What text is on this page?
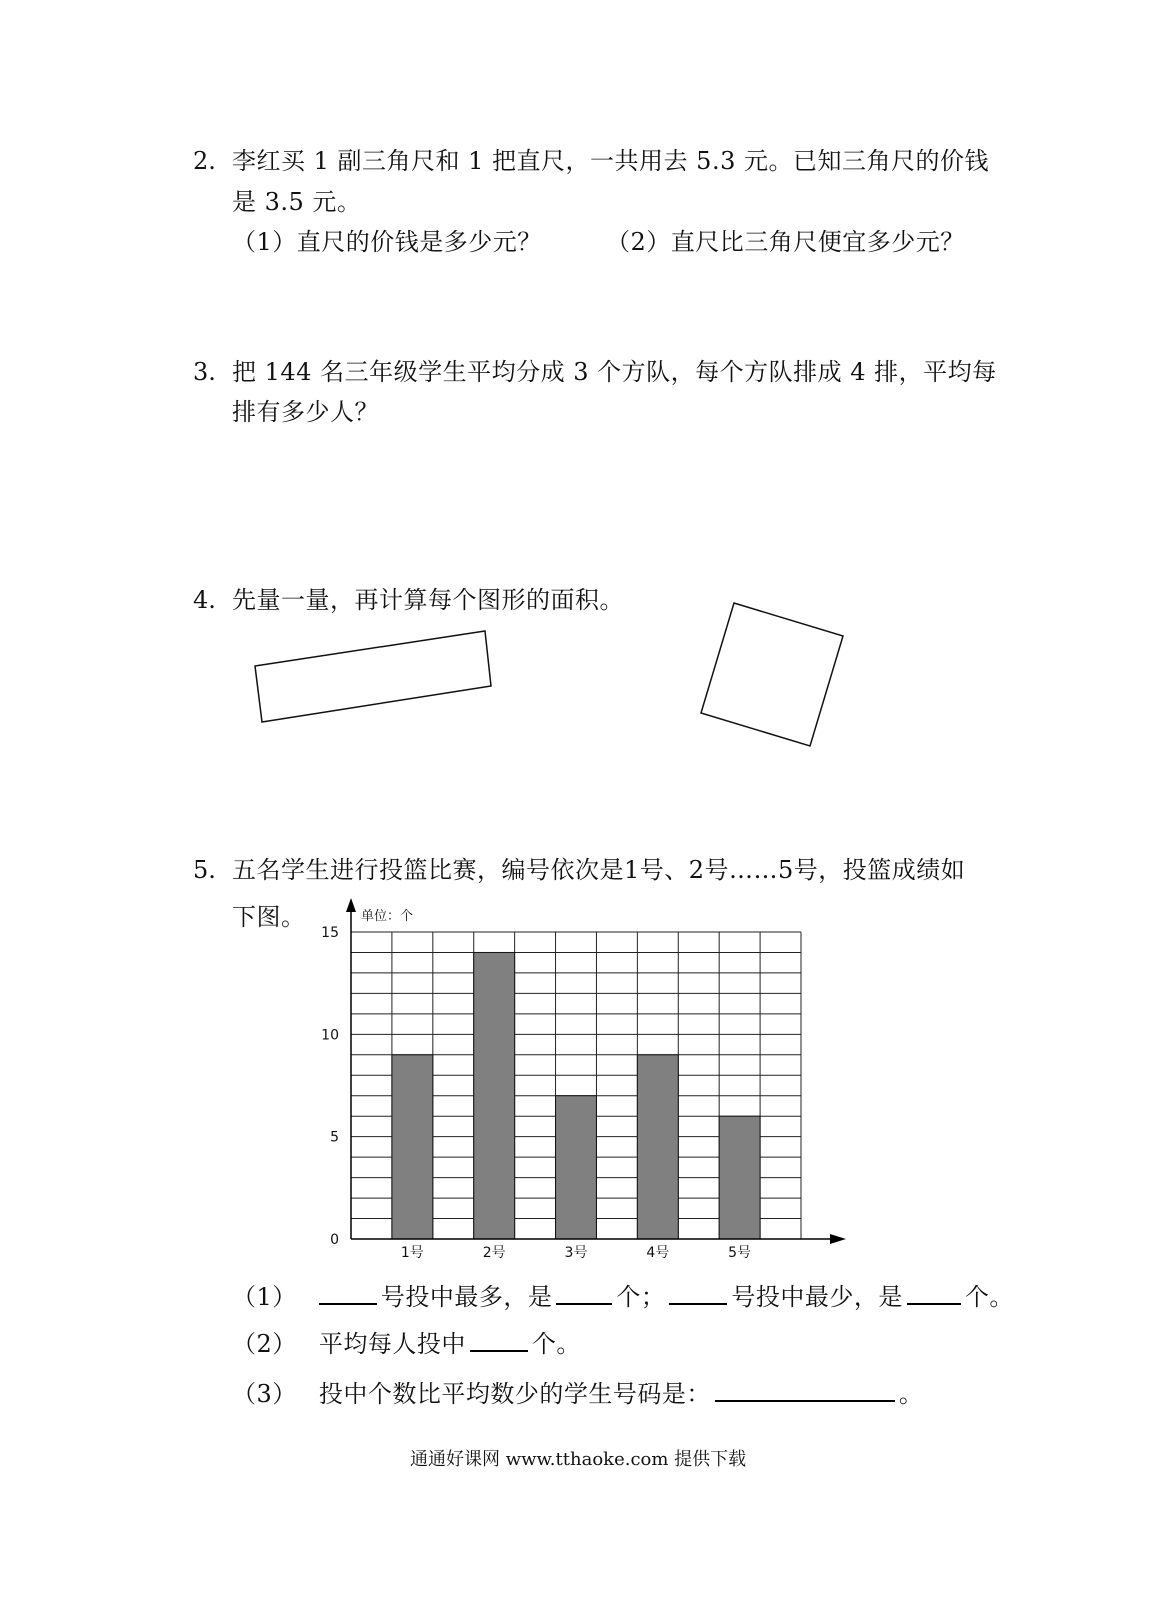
2. 李红买 1 副三角尺和 1 把直尺，一共用去 5.3 元。已知三角尺的价钱
是 3.5 元。
（1）直尺的价钱是多少元？	（2）直尺比三角尺便宜多少元？
3. 把 144 名三年级学生平均分成 3 个方队，每个方队排成 4 排，平均每
排有多少人？
4. 先量一量，再计算每个图形的面积。
5. 五名学生进行投篮比赛，编号依次是1号、2号……5号，投篮成绩如
下图。
1号	2号	3号	4号	5号
0
5
10
15
单位：个
（1）	号投中最多，是	个；	号投中最少，是	个。
（2） 平均每人投中	个。
（3） 投中个数比平均数少的学生号码是：	。
通通好课网 www.tthaoke.com 提供下载
